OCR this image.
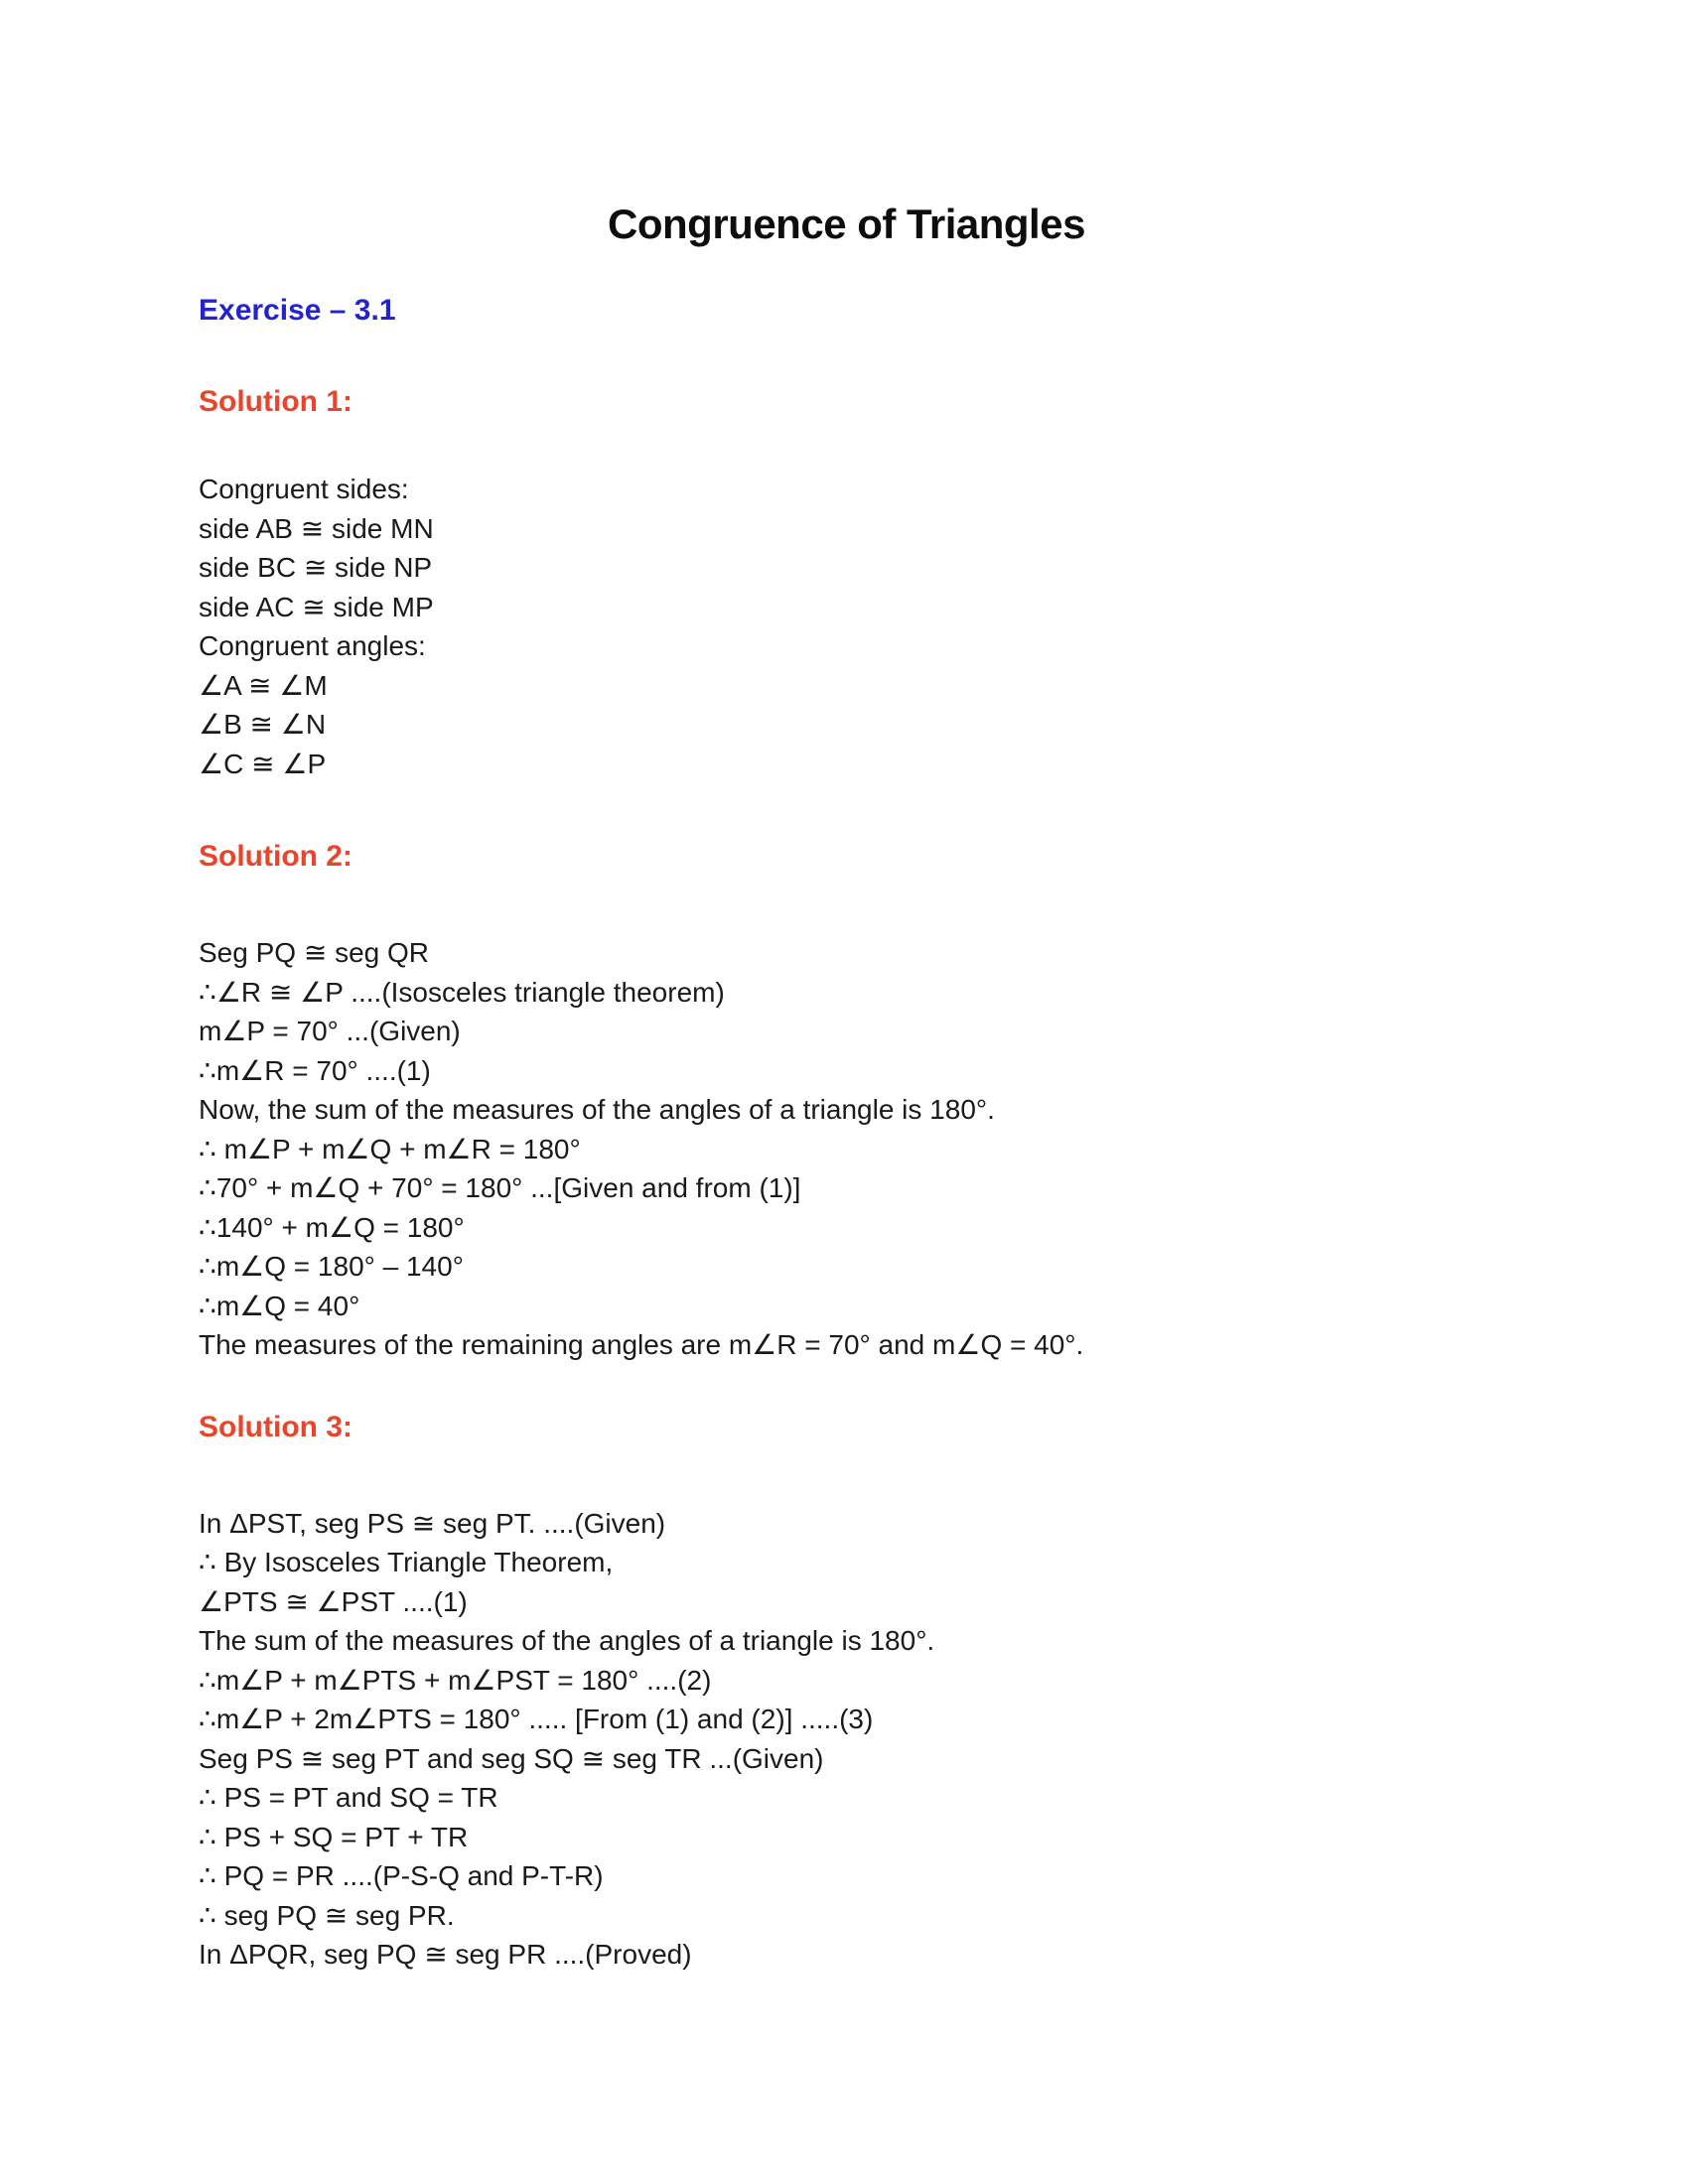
Congruence of Triangles
Exercise – 3.1
Solution 1:
Congruent sides:
side AB ≅ side MN
side BC ≅ side NP
side AC ≅ side MP
Congruent angles:
∠A ≅ ∠M
∠B ≅ ∠N
∠C ≅ ∠P
Solution 2:
Seg PQ ≅ seg QR
∴∠R ≅ ∠P ....(Isosceles triangle theorem)
m∠P = 70° ...(Given)
∴m∠R = 70° ....(1)
Now, the sum of the measures of the angles of a triangle is 180°.
∴ m∠P + m∠Q + m∠R = 180°
∴70° + m∠Q + 70° = 180° ...[Given and from (1)]
∴140° + m∠Q = 180°
∴m∠Q = 180° – 140°
∴m∠Q = 40°
The measures of the remaining angles are m∠R = 70° and m∠Q = 40°.
Solution 3:
In ΔPST, seg PS ≅ seg PT. ....(Given)
∴ By Isosceles Triangle Theorem,
∠PTS ≅ ∠PST ....(1)
The sum of the measures of the angles of a triangle is 180°.
∴m∠P + m∠PTS + m∠PST = 180° ....(2)
∴m∠P + 2m∠PTS = 180° ..... [From (1) and (2)] .....(3)
Seg PS ≅ seg PT and seg SQ ≅ seg TR ...(Given)
∴ PS = PT and SQ = TR
∴ PS + SQ = PT + TR
∴ PQ = PR ....(P-S-Q and P-T-R)
∴ seg PQ ≅ seg PR.
In ΔPQR, seg PQ ≅ seg PR ....(Proved)
